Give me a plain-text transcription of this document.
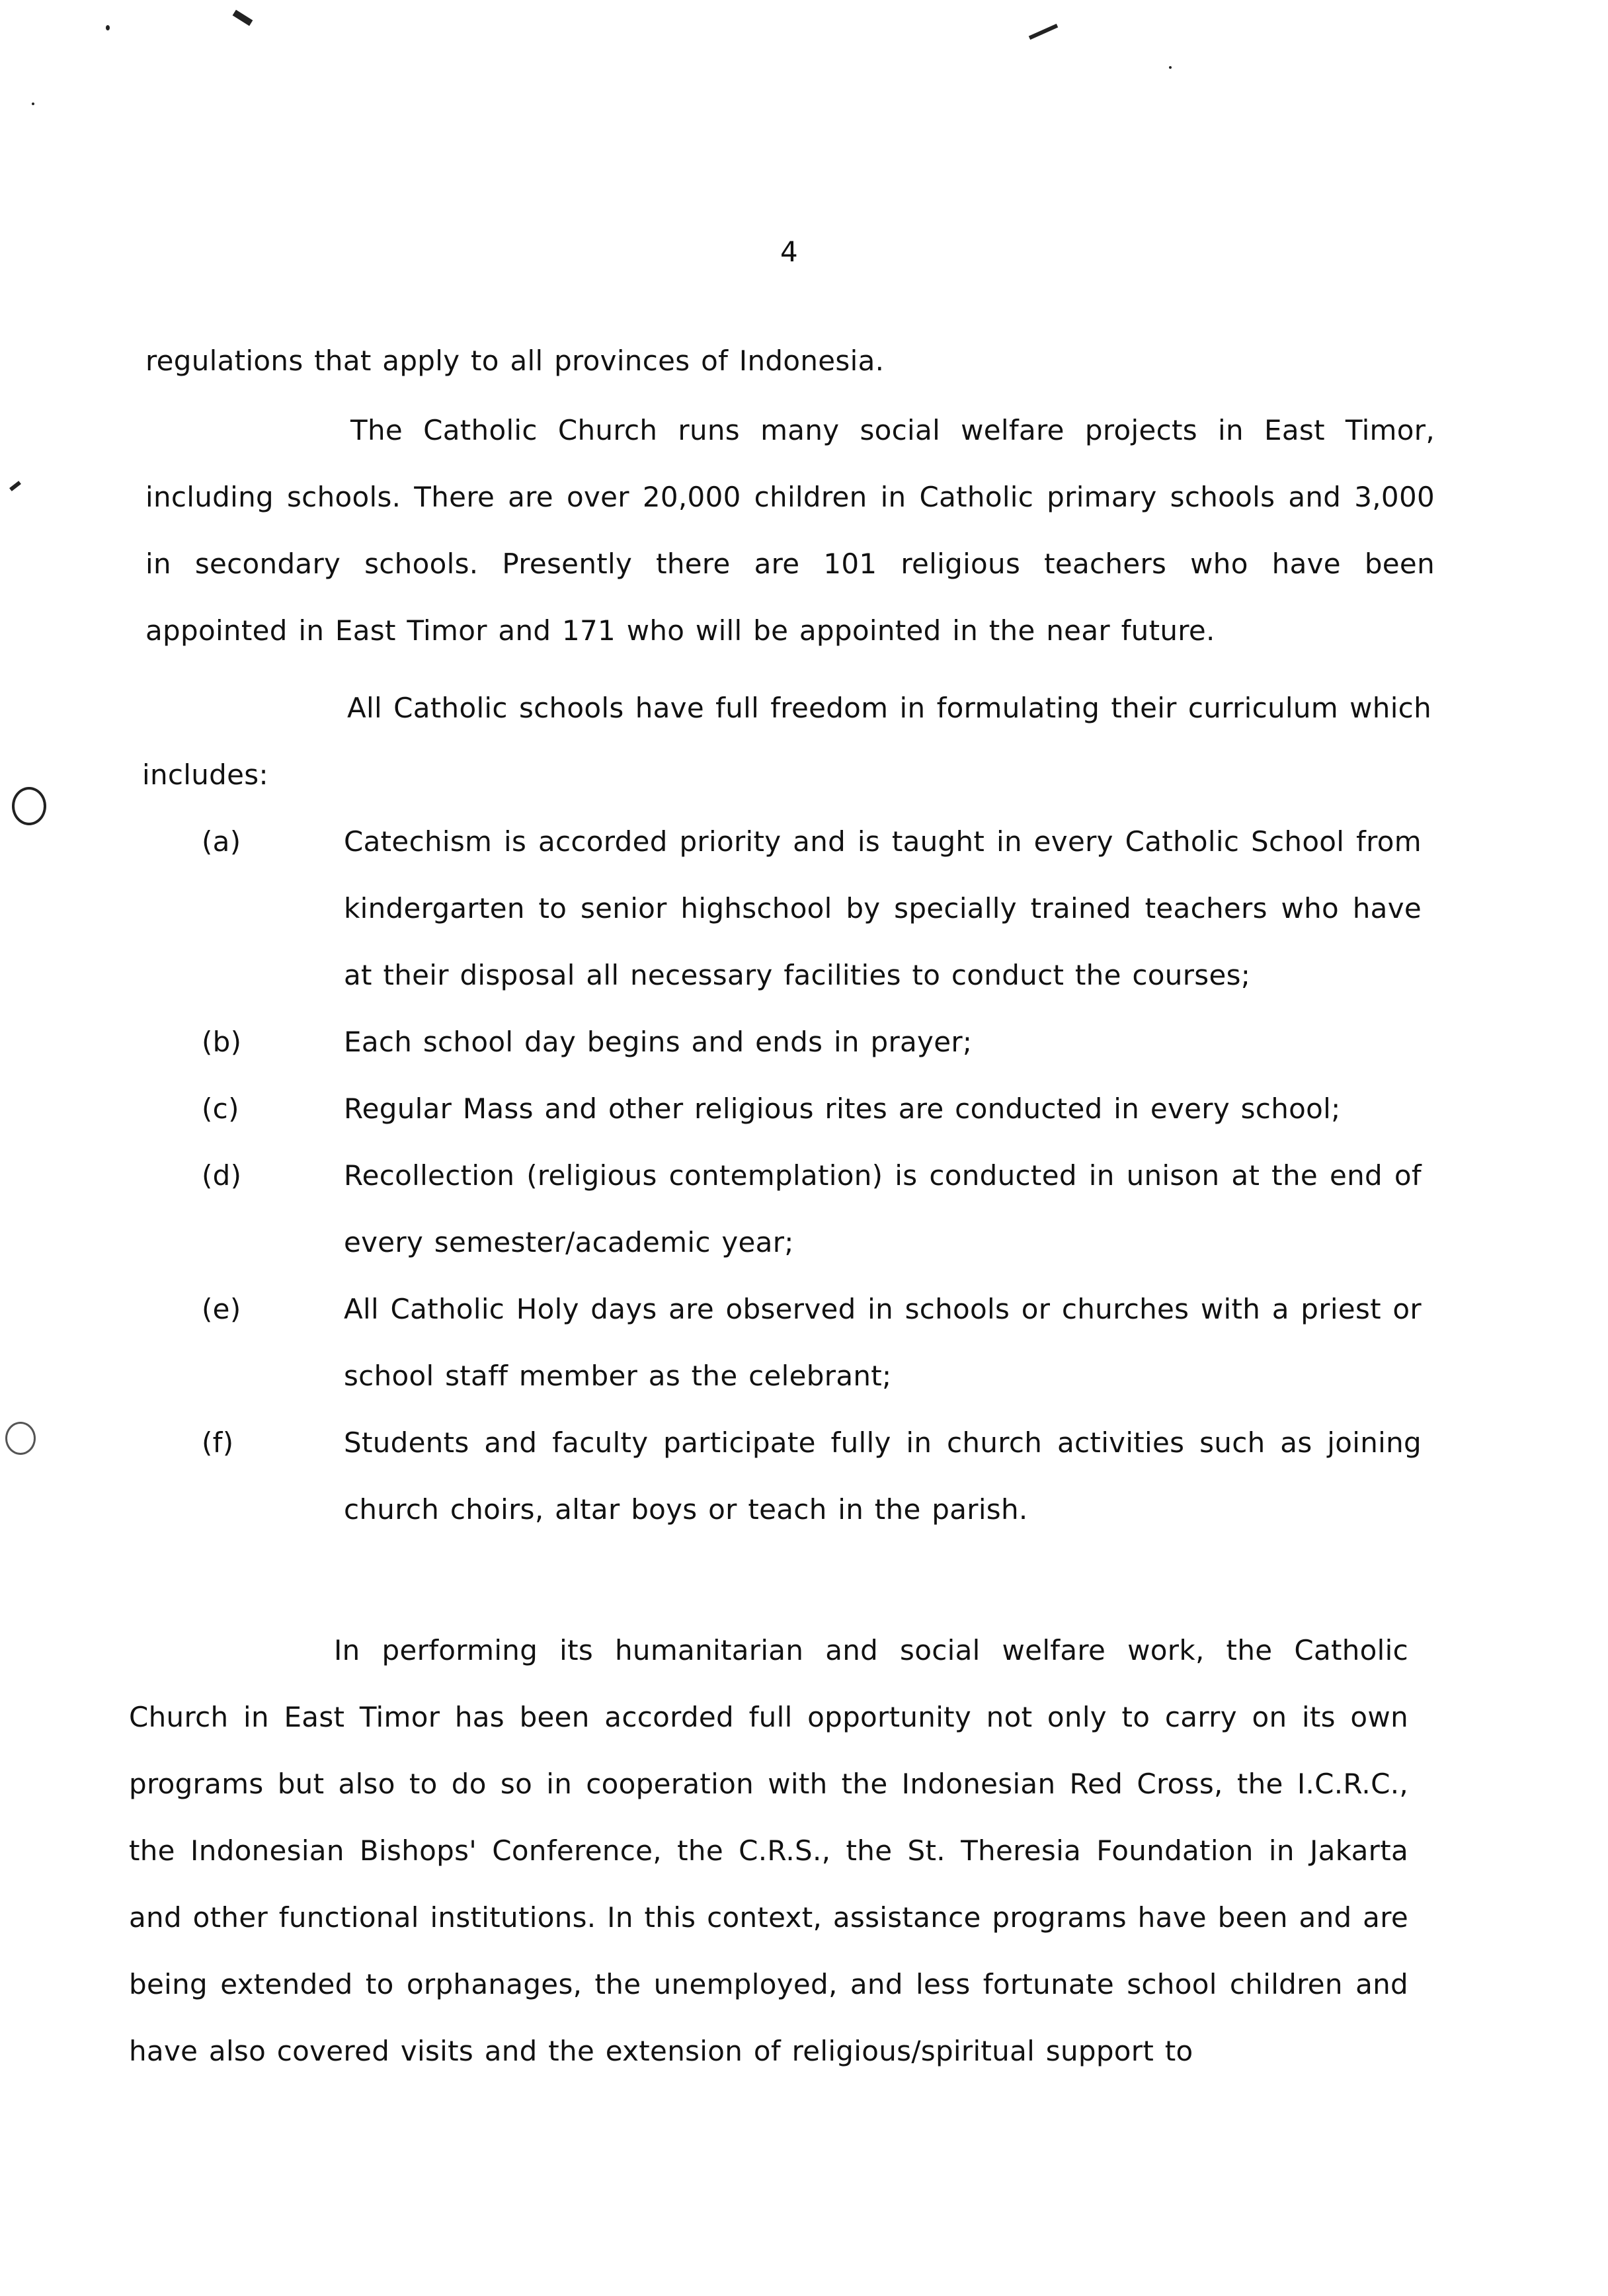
4
regulations that apply to all provinces of Indonesia.
The Catholic Church runs many social welfare projects in East Timor, including schools. There are over 20,000 children in Catholic primary schools and 3,000 in secondary schools. Presently there are 101 religious teachers who have been appointed in East Timor and 171 who will be appointed in the near future.
All Catholic schools have full freedom in formulating their curriculum which includes:
(a)	Catechism is accorded priority and is taught in every Catholic School from kindergarten to senior highschool by specially trained teachers who have at their disposal all necessary facilities to conduct the courses;
(b)	Each school day begins and ends in prayer;
(c)	Regular Mass and other religious rites are conducted in every school;
(d)	Recollection (religious contemplation) is conducted in unison at the end of every semester/academic year;
(e)	All Catholic Holy days are observed in schools or churches with a priest or school staff member as the celebrant;
(f)	Students and faculty participate fully in church activities such as joining church choirs, altar boys or teach in the parish.
In performing its humanitarian and social welfare work, the Catholic Church in East Timor has been accorded full opportunity not only to carry on its own programs but also to do so in cooperation with the Indonesian Red Cross, the I.C.R.C., the Indonesian Bishops' Conference, the C.R.S., the St. Theresia Foundation in Jakarta and other functional institutions. In this context, assistance programs have been and are being extended to orphanages, the unemployed, and less fortunate school children and have also covered visits and the extension of religious/spiritual support to
